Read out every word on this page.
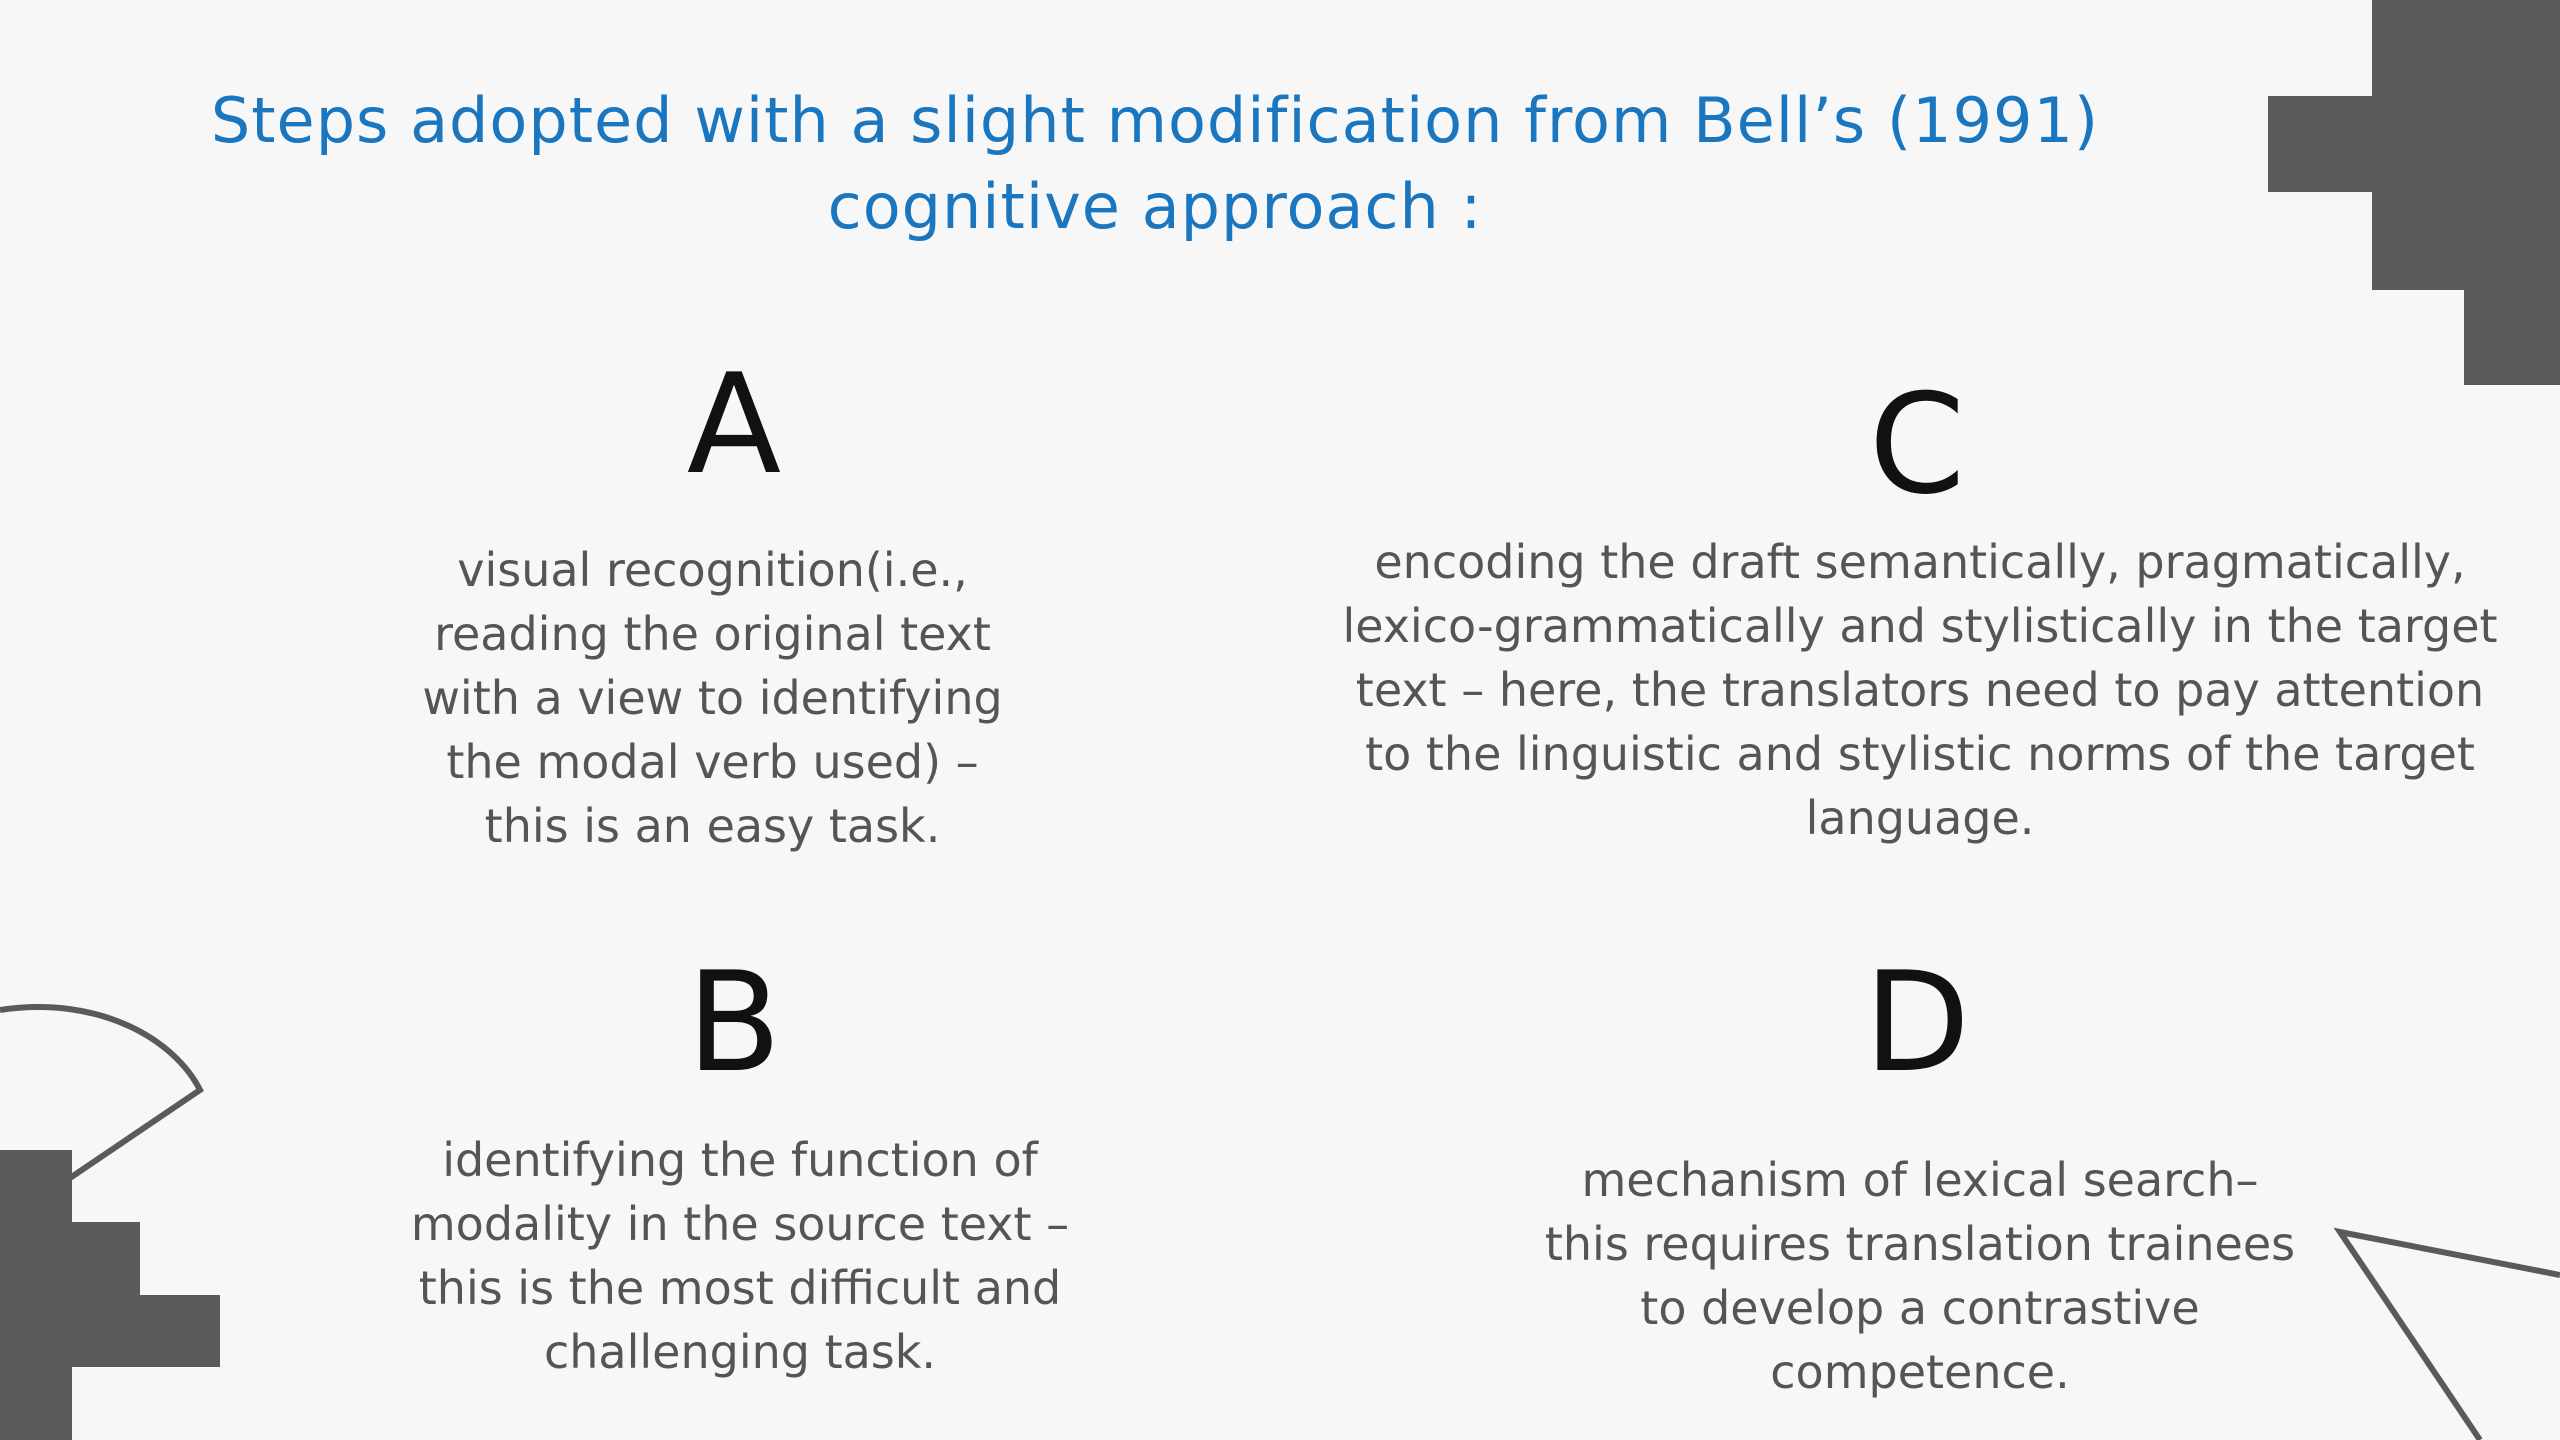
Steps adopted with a slight modification from Bell’s (1991) cognitive approach :
A
visual recognition(i.e., reading the original text with a view to identifying the modal verb used) – this is an easy task.
C
encoding the draft semantically, pragmatically, lexico-grammatically and stylistically in the target text – here, the translators need to pay attention to the linguistic and stylistic norms of the target language.
B
identifying the function of modality in the source text – this is the most difficult and challenging task.
D
mechanism of lexical search– this requires translation trainees to develop a contrastive competence.
